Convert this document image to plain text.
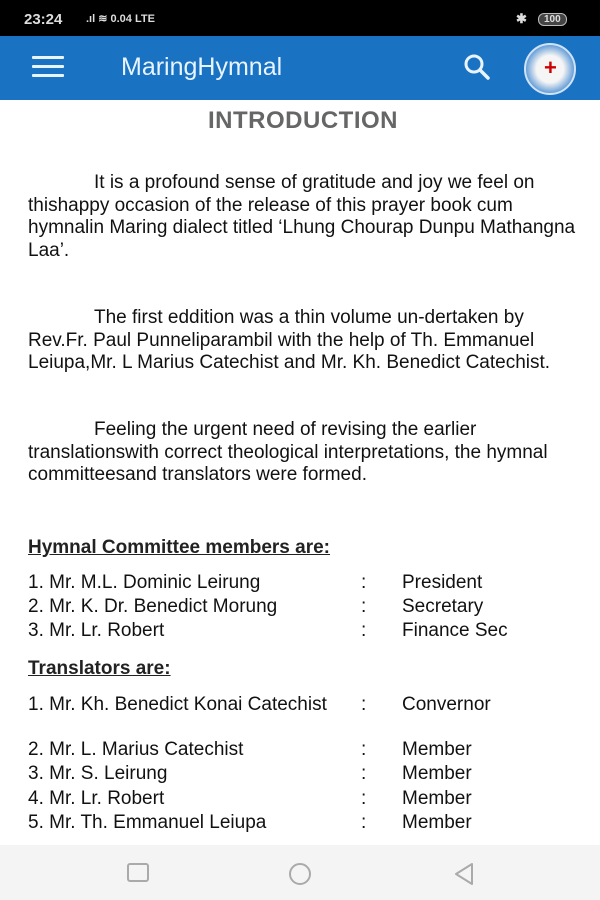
23:24 .ıl ≋ 0.04 LTE	✱	100
MaringHymnal
+
INTRODUCTION

It is a profound sense of gratitude and joy we feel on thishappy occasion of the release of this prayer book cum hymnalin Maring dialect titled ‘Lhung Chourap Dunpu Mathangna Laa’.

The first eddition was a thin volume un-dertaken by Rev.Fr. Paul Punneliparambil with the help of Th. Emmanuel Leiupa,Mr. L Marius Catechist and Mr. Kh. Benedict Catechist.

Feeling the urgent need of revising the earlier translationswith correct theological interpretations, the hymnal committeesand translators were formed.

Hymnal Committee members are:
1. Mr. M.L. Dominic Leirung	: President
2. Mr. K. Dr. Benedict Morung	: Secretary
3. Mr. Lr. Robert	: Finance Sec
Translators are:
1. Mr. Kh. Benedict Konai Catechist : Convernor
2. Mr. L. Marius Catechist	: Member
3. Mr. S. Leirung	: Member
4. Mr. Lr. Robert	: Member
5. Mr. Th. Emmanuel Leiupa	: Member
